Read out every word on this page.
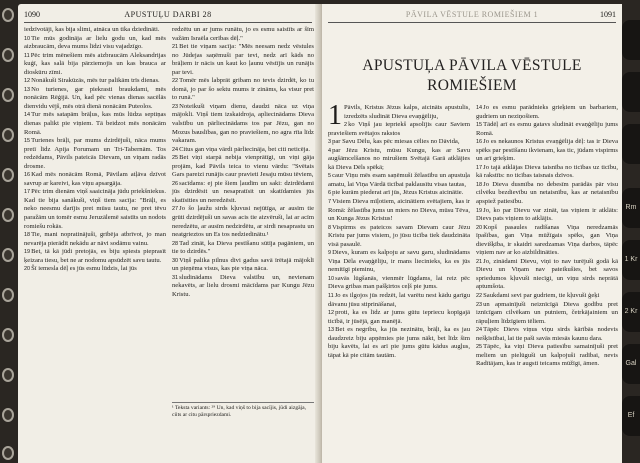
1090	APUSTUĻU DARBI 28

iedzīvotāji, kas bija slimi, atnāca un tika dziedināti.

$^{10}$Tie mūs godināja ar lielu godu un, kad mēs aizbraucām, deva mums līdzi visu vajadzīgo.

$^{11}$Pēc trim mēnešiem mēs aizbraucām Aleksandrijas kuģī, kas salā bija pārziemojis un kas brauca ar dioskūru zīmi.

$^{12}$Nonākuši Sirakūzās, mēs tur palikām trīs dienas.

$^{13}$No turienes, gar piekrasti braukdami, mēs nonācām Rēģijā. Un, kad pēc vienas dienas sacēlās dienvidu vējš, mēs otrā dienā nonācām Puteolos.

$^{14}$Tur mēs satapām brāļus, kas mūs lūdza septiņas dienas palikt pie viņiem. Tā beidzot mēs nonācām Romā.

$^{15}$Turienes brāļi, par mums dzirdējuši, nāca mums pretī līdz Apija Forumam un Tri-Tabernām. Tos redzēdams, Pāvils pateicās Dievam, un viņam radās drosme.

$^{16}$Kad mēs nonācām Romā, Pāvilam atļāva dzīvot savrup ar kareivi, kas viņu apsargāja.

$^{17}$Pēc trim dienām viņš saaicināja jūdu priekšniekus. Kad tie bija sanākuši, viņš tiem sacīja: "Brāļi, es neko neesmu darījis pret mūsu tautu, ne pret tēvu paražām un tomēr esmu Jeruzālemē saistīts un nodots romiešu rokās.

$^{18}$Tie, mani nopratinājuši, gribēja atbrīvot, jo man nevarēja pierādīt nekādu ar nāvi sodāmu vainu.

$^{19}$Bet, tā kā jūdi pretojās, es biju spiests pieprasīt ķeizara tiesu, bet ne ar nodomu apsūdzēt savu tautu.

$^{20}$Šī iemesla dēļ es jūs esmu lūdzis, lai jūs

redzētu un ar jums runātu, jo es esmu saistīts ar šīm važām Israēla cerības dēļ."

$^{21}$Bet tie viņam sacīja: "Mēs neesam nedz vēstules no Jūdejas saņēmuši par tevi, nedz arī kāds no brāļiem ir nācis un kaut ko ļaunu vēstījis un runājis par tevi.

$^{22}$Tomēr mēs labprāt gribam no tevis dzirdēt, ko tu domā, jo par šo sektu mums ir zināms, ka visur pret to runā."

$^{23}$Noteikuši viņam dienu, daudzi nāca uz viņa mājokli. Viņš tiem izskaidroja, apliecinādams Dieva valstību un pārliecinādams tos par Jēzu, gan no Mozus bauslības, gan no praviešiem, no agra rīta līdz vakaram.

$^{24}$Citus gan viņa vārdi pārliecināja, bet citi neticēja.

$^{25}$Bet viņi starpā nebija vienprātīgi, un viņi gāja projām, kad Pāvils teica to vienu vārdu: "Svētais Gars pareizi runājis caur pravieti Jesaju mūsu tēviem,

$^{26}$sacīdams: ej pie šiem ļaudīm un saki: dzirdēdami jūs dzirdēsit un nesapratīsit un skatīdamies jūs skatīsities un neredzēsit.

$^{27}$Jo šo ļaužu sirds kļuvusi nejūtīga, ar ausīm tie grūti dzirdējuši un savas acis tie aizvēruši, lai ar acīm neredzētu, ar ausīm nedzirdētu, ar sirdi nesaprastu un neatgrieztos un Es tos nedziedinātu.¹

$^{28}$Tad zināt, ka Dieva pestīšanu sūtīja pagāniem, un tie to dzirdēs."

$^{30}$Viņš palika pilnus divi gadus savā īrētajā mājoklī un pieņēma visus, kas pie viņa nāca.

$^{31}$sludinādams Dieva valstību un, nevienam nekavēts, ar lielu drosmi mācīdams par Kungu Jēzu Kristu.

¹ Teksta variants: ²⁹ Un, kad viņš to bija sacījis, jūdi aizgāja, ciits ar citu pārspriezdami.
PĀVILA VĒSTULE ROMIEŠIEM 1	1091
APUSTUĻA PĀVILA VĒSTULE
ROMIEŠIEM

1 Pāvils, Kristus Jēzus kalps, aicināts apustulis, izredzēts sludināt Dieva evaņģēliju,

$^2$ko Viņš jau iepriekš apsolījis caur Saviem praviešiem svētajos rakstos

$^3$par Savu Dēlu, kas pēc miesas cēlies no Dāvida,

$^4$par Jēzu Kristu, mūsu Kungu, kas ar Savu augšāmcelšanos no mirušiem Svētajā Garā atklājies kā Dieva Dēls spēkā;

$^5$caur Viņu mēs esam saņēmuši žēlastību un apustuļa amatu, lai Viņa Vārdā ticībai paklausītu visas tautas,

$^6$pie kurām piederat arī jūs, Jēzus Kristus aicinātie.

$^7$Visiem Dieva mīļotiem, aicinātiem svētajiem, kas ir Romā: žēlastība jums un miers no Dieva, mūsu Tēva, un Kunga Jēzus Kristus!

$^8$Vispirms es pateicos savam Dievam caur Jēzu Kristu par jums visiem, jo jūsu ticība tiek daudzināta visā pasaulē.

$^9$Dievs, kuram es kalpoju ar savu garu, sludinādams Viņa Dēla evaņģēliju, ir mans liecinieks, ka es jūs nemitīgi pieminu,

$^{10}$savās lūgšanās, vienmēr lūgdams, lai reiz pēc Dieva gribas man pašķirtos ceļš pie jums.

$^{11}$Jo es ilgojos jūs redzēt, lai varētu nest kādu garīgu dāvanu jūsu stiprināšanai,

$^{12}$proti, ka es līdz ar jums gūtu iepriecu kopīgajā ticībā, ir jūsējā, gan manējā.

$^{13}$Bet es negribu, ka jūs nezinātu, brāļi, ka es jau daudzreiz biju apņēmies pie jums nākt, bet līdz šim biju kavēts, lai es arī pie jums gūtu kādus augļus, tāpat kā pie citām tautām.

$^{14}$Jo es esmu parādnieks grieķiem un barbariem, gudriem un neziņošiem.

$^{15}$Tādēļ arī es esmu gatavs sludināt evaņģēliju jums Romā.

$^{16}$Jo es nekaunos Kristus evaņģēlija dēļ: tas ir Dieva spēks par pestīšanu ikvienam, kas tic, jūdam vispirms un arī grieķim.

$^{17}$Jo tajā atklājas Dieva taisnība no ticības uz ticību, kā rakstīts: no ticības taisnais dzīvos.

$^{18}$Jo Dieva dusmība no debesīm parādās pār visu cilvēku bezdievību un netaisnību, kas ar netaisnību apspiež patiesību.

$^{19}$Jo, ko par Dievu var zināt, tas viņiem ir atklāts: Dievs pats viņiem to atklājis.

$^{20}$Kopš pasaules radīšanas Viņa neredzamās īpašības, gan Viņa mūžīgais spēks, gan Viņa dievišķība, ir skaidri saredzamas Viņa darbos, tāpēc viņiem nav ar ko aizbildināties.

$^{21}$Jo, zinādami Dievu, viņi to nav turējuši godā kā Dievu un Viņam nav pateikušies, bet savos spriedumos kļuvuši niecīgi, un viņu sirds neprātā aptumšota.

$^{22}$Saukdami sevi par gudriem, tie kļuvuši ģeķi

$^{23}$un apmainījuši neiznīcīgā Dieva godību pret iznīcīgam cilvēkam un putniem, četrkājainiem un rāpuļiem līdzīgiem tēliem.

$^{24}$Tāpēc Dievs viņus viņu sirds kārībās nodevis nešķīstībai, lai tie paši savās miesās kaunu dara.

$^{25}$Tāpēc, ka viņi Dieva patiesību samainījuši pret meliem un pielūguši un kalpojuši radībai, nevis Radītājam, kas ir augsti teicams mūžīgi, āmen.

Rm
1 Kr
2 Kr
Gal
Ef
